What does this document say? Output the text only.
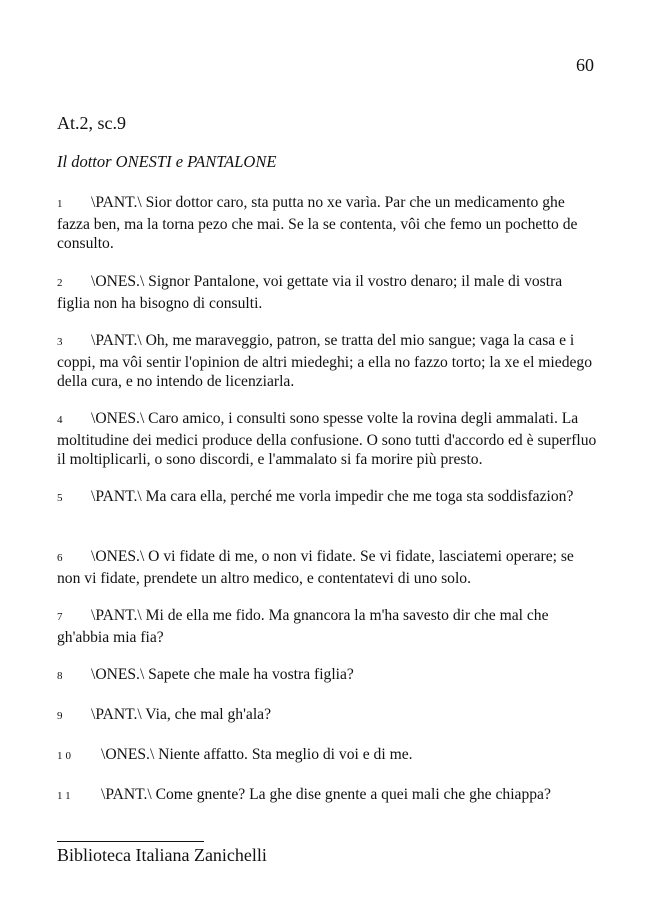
60
At.2, sc.9
Il dottor ONESTI e PANTALONE
1 \PANT.\ Sior dottor caro, sta putta no xe varìa. Par che un medicamento ghe fazza ben, ma la torna pezo che mai. Se la se contenta, vôi che femo un pochetto de consulto.
2 \ONES.\ Signor Pantalone, voi gettate via il vostro denaro; il male di vostra figlia non ha bisogno di consulti.
3 \PANT.\ Oh, me maraveggio, patron, se tratta del mio sangue; vaga la casa e i coppi, ma vôi sentir l'opinion de altri miedeghi; a ella no fazzo torto; la xe el miedego della cura, e no intendo de licenziarla.
4 \ONES.\ Caro amico, i consulti sono spesse volte la rovina degli ammalati. La moltitudine dei medici produce della confusione. O sono tutti d'accordo ed è superfluo il moltiplicarli, o sono discordi, e l'ammalato si fa morire più presto.
5 \PANT.\ Ma cara ella, perché me vorla impedir che me toga sta soddisfazion?
6 \ONES.\ O vi fidate di me, o non vi fidate. Se vi fidate, lasciatemi operare; se non vi fidate, prendete un altro medico, e contentatevi di uno solo.
7 \PANT.\ Mi de ella me fido. Ma gnancora la m'ha savesto dir che mal che gh'abbia mia fia?
8 \ONES.\ Sapete che male ha vostra figlia?
9 \PANT.\ Via, che mal gh'ala?
10 \ONES.\ Niente affatto. Sta meglio di voi e di me.
11 \PANT.\ Come gnente? La ghe dise gnente a quei mali che ghe chiappa?
Biblioteca Italiana Zanichelli
